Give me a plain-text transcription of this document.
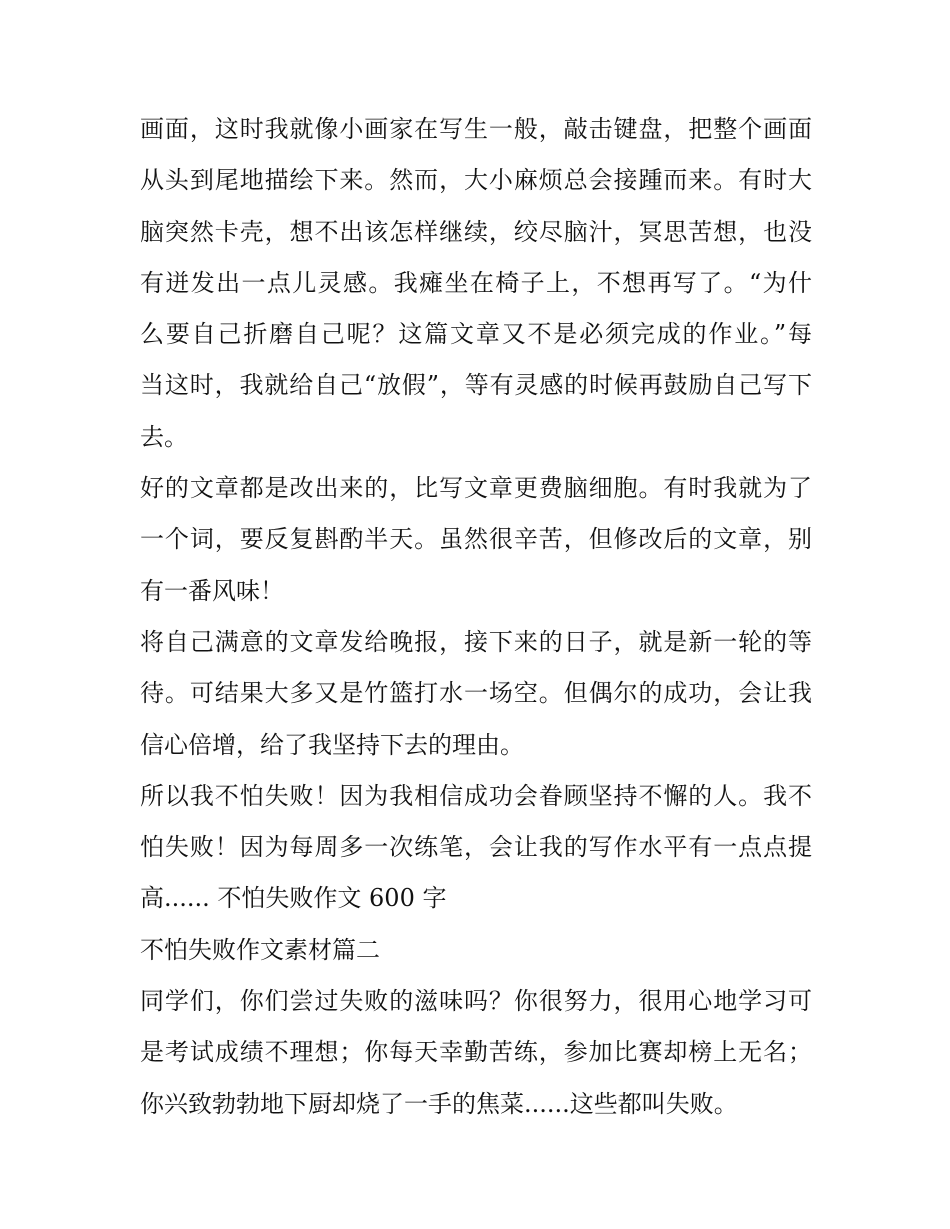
画面，这时我就像小画家在写生一般，敲击键盘，把整个画面
从头到尾地描绘下来。然而，大小麻烦总会接踵而来。有时大
脑突然卡壳，想不出该怎样继续，绞尽脑汁，冥思苦想，也没
有迸发出一点儿灵感。我瘫坐在椅子上，不想再写了。“为什
么要自己折磨自己呢？这篇文章又不是必须完成的作业。”每
当这时，我就给自己“放假”，等有灵感的时候再鼓励自己写下
去。
好的文章都是改出来的，比写文章更费脑细胞。有时我就为了
一个词，要反复斟酌半天。虽然很辛苦，但修改后的文章，别
有一番风味！
将自己满意的文章发给晚报，接下来的日子，就是新一轮的等
待。可结果大多又是竹篮打水一场空。但偶尔的成功，会让我
信心倍增，给了我坚持下去的理由。
所以我不怕失败！因为我相信成功会眷顾坚持不懈的人。我不
怕失败！因为每周多一次练笔，会让我的写作水平有一点点提
高...... 不怕失败作文 600 字
不怕失败作文素材篇二
同学们，你们尝过失败的滋味吗？你很努力，很用心地学习可
是考试成绩不理想；你每天幸勤苦练，参加比赛却榜上无名；
你兴致勃勃地下厨却烧了一手的焦菜......这些都叫失败。
